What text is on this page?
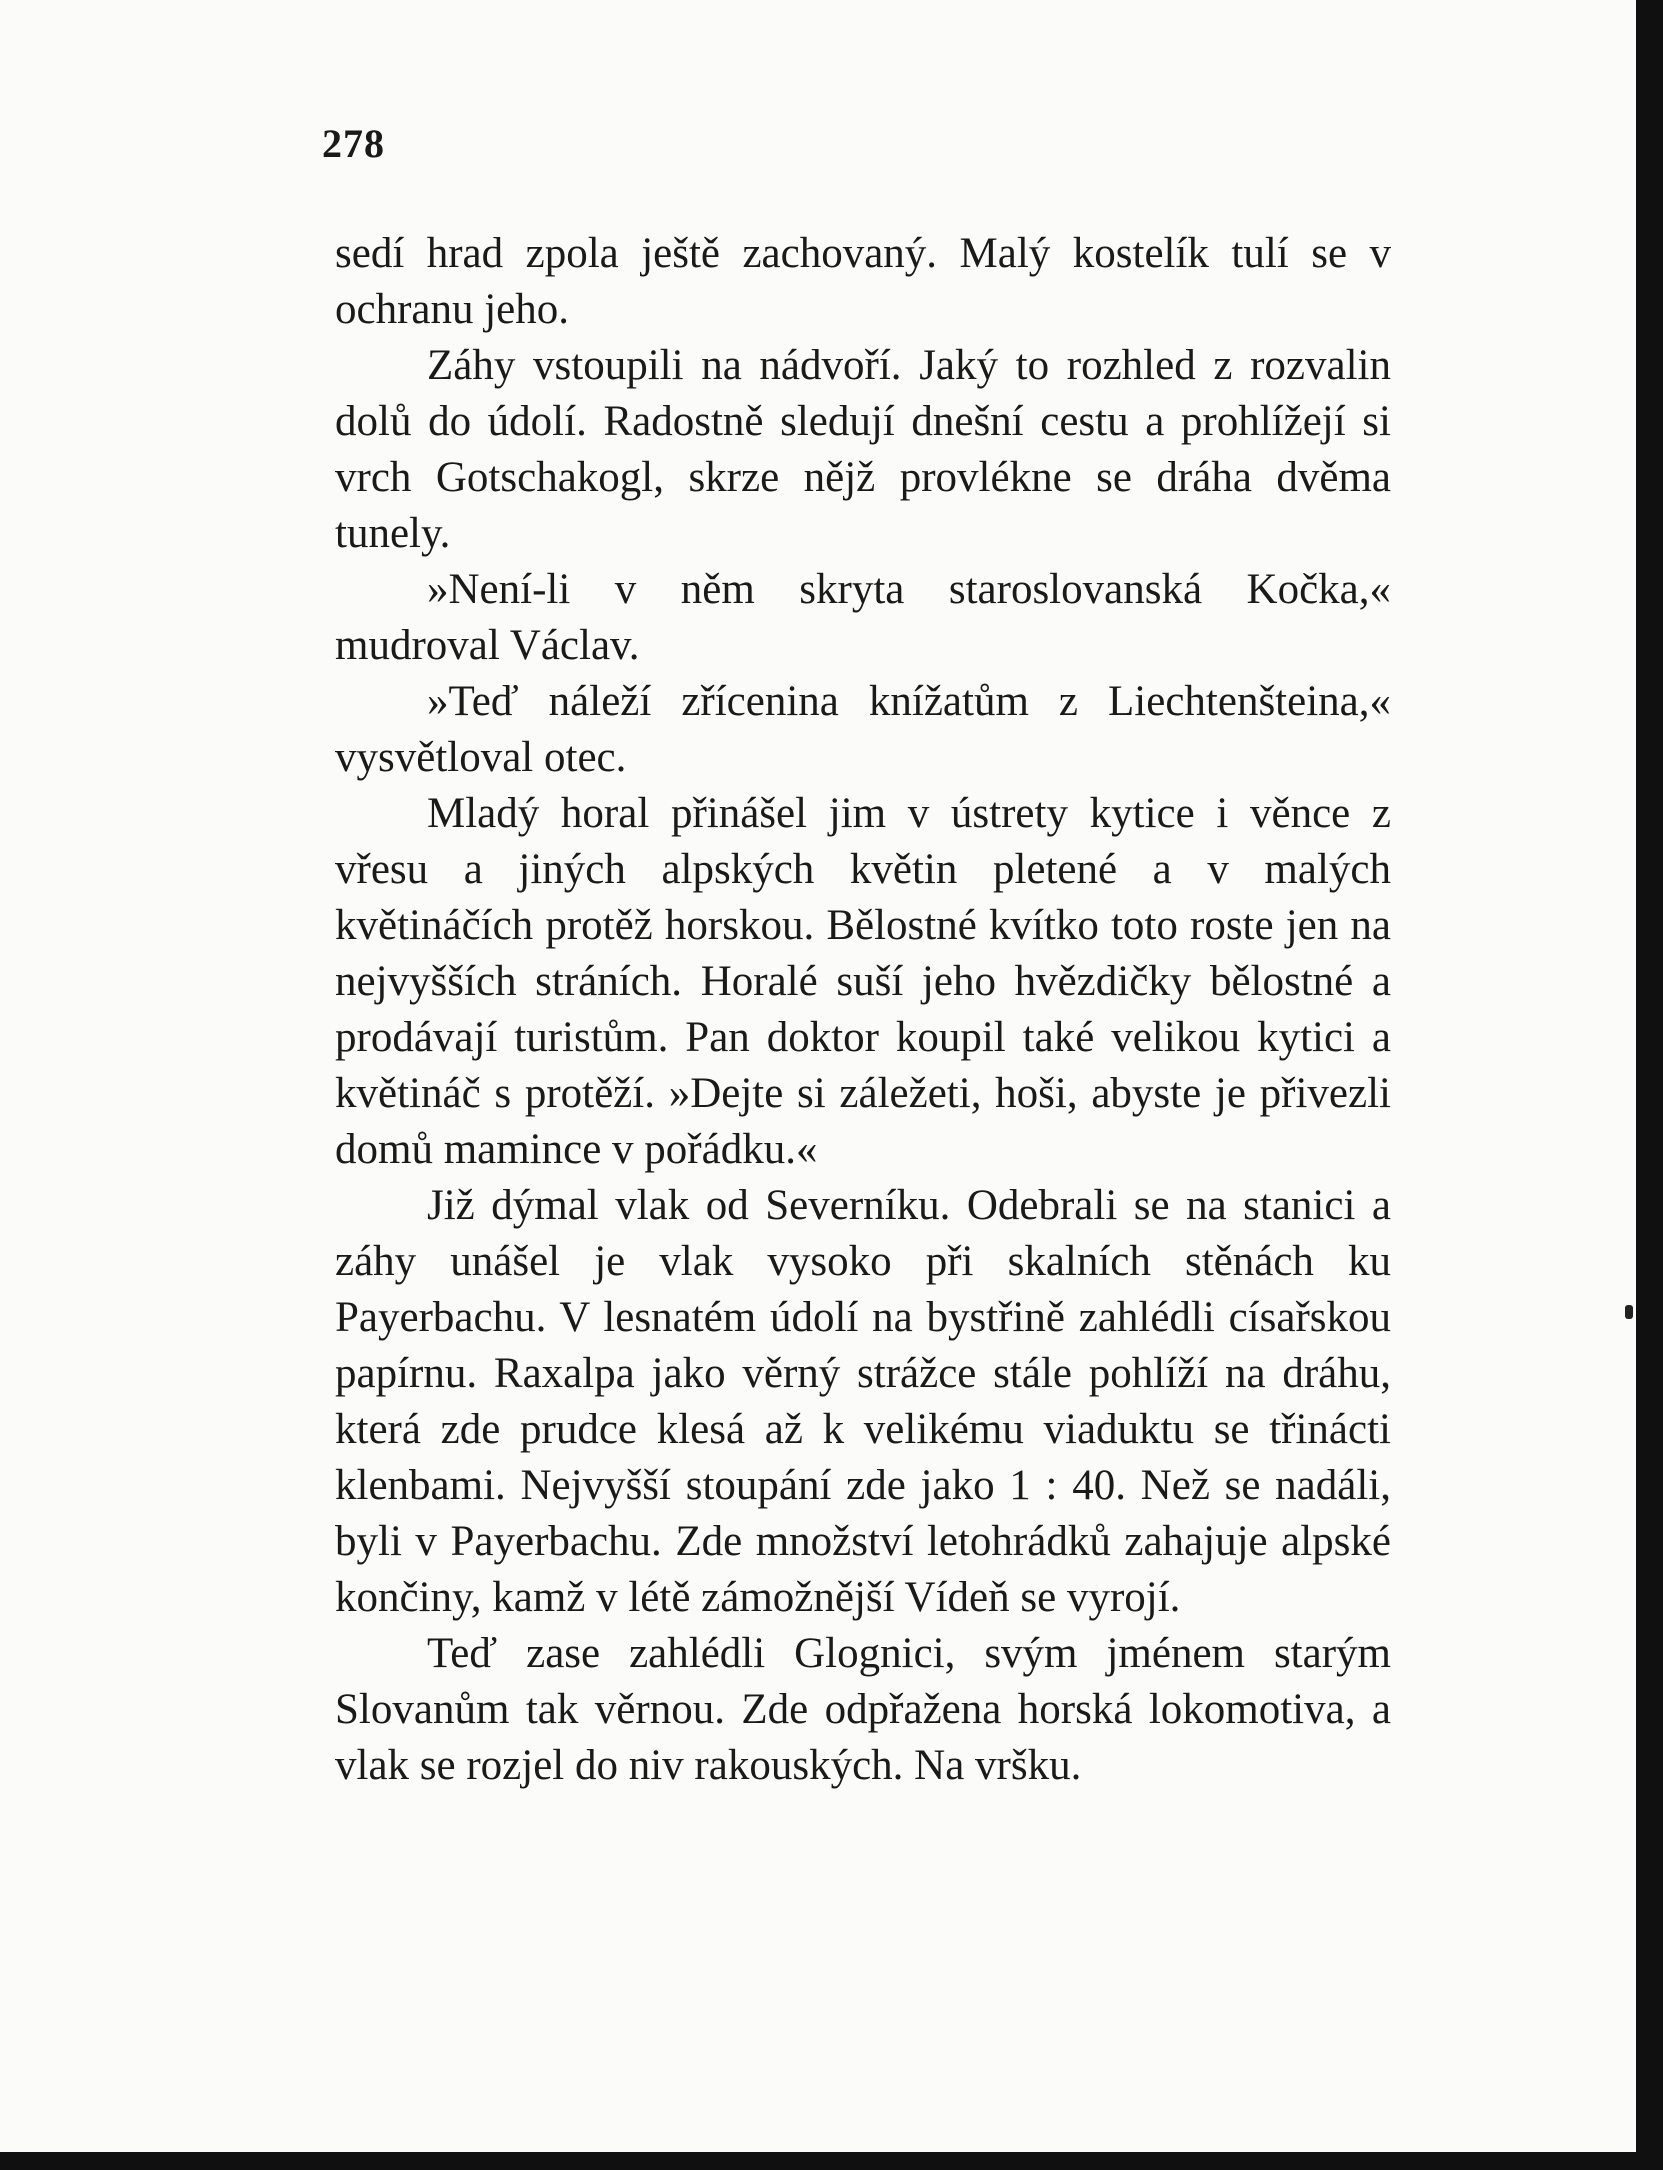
278

sedí hrad zpola ještě zachovaný. Malý kostelík tulí se v ochranu jeho.

Záhy vstoupili na nádvoří. Jaký to rozhled z rozvalin dolů do údolí. Radostně sledují dnešní cestu a prohlížejí si vrch Gotschakogl, skrze nějž provlékne se dráha dvěma tunely.

»Není-li v něm skryta staroslovanská Kočka,« mudroval Václav.

»Teď náleží zřícenina knížatům z Liechtenšteina,« vysvětloval otec.

Mladý horal přinášel jim v ústrety kytice i věnce z vřesu a jiných alpských květin pletené a v malých květináčích protěž horskou. Bělostné kvítko toto roste jen na nejvyšších stráních. Horalé suší jeho hvězdičky bělostné a prodávají turistům. Pan doktor koupil také velikou kytici a květináč s protěží. »Dejte si záležeti, hoši, abyste je přivezli domů mamince v pořádku.«

Již dýmal vlak od Severníku. Odebrali se na stanici a záhy unášel je vlak vysoko při skalních stěnách ku Payerbachu. V lesnatém údolí na bystřině zahlédli císařskou papírnu. Raxalpa jako věrný strážce stále pohlíží na dráhu, která zde prudce klesá až k velikému viaduktu se třinácti klenbami. Nejvyšší stoupání zde jako 1 : 40. Než se nadáli, byli v Payerbachu. Zde množství letohrádků zahajuje alpské končiny, kamž v létě zámožnější Vídeň se vyrojí.

Teď zase zahlédli Glognici, svým jménem starým Slovanům tak věrnou. Zde odpřažena horská lokomotiva, a vlak se rozjel do niv rakouských. Na vršku.
